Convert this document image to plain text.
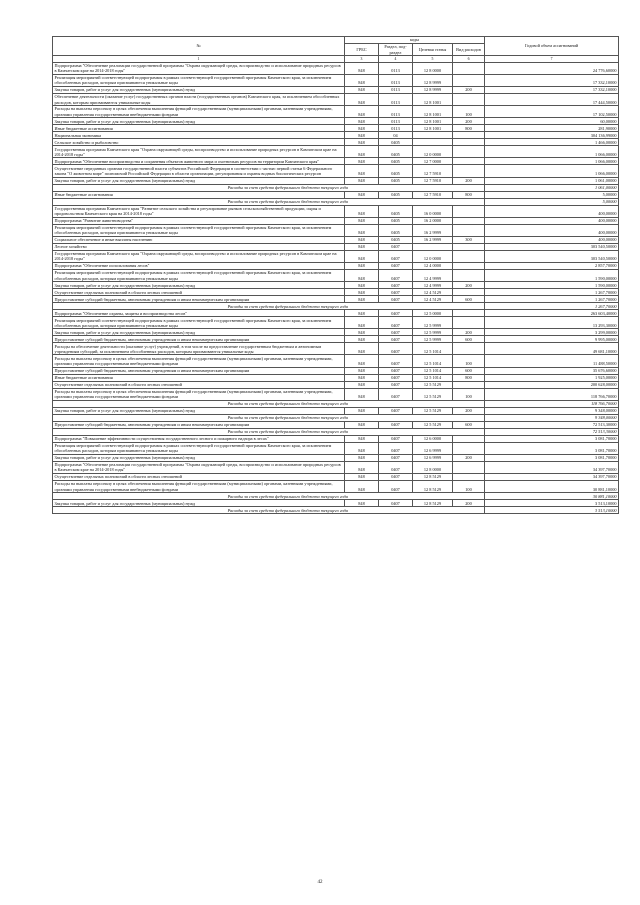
№	коды				Годовой объем ассигнований
	ГРБС	Раздел, под-раздел	Целевая статья	Вид расходов	
1	3	4	5	6	7
Подпрограмма "Обеспечение реализации государственной программы "Охрана окружающей среды, воспроизводство и использование природных ресурсов в Камчатском крае на 2014-2018 годы"	848	0113	12 8 0000		24 776,60000
Реализация мероприятий соответствующей подпрограммы в рамках соответствующей государственной программы Камчатского края, за исключением обособленных расходов, которым присваиваются уникальные коды	848	0113	12 8 9999		17 332,10000
Закупка товаров, работ и услуг для государственных (муниципальных) нужд	848	0113	12 8 9999	200	17 332,10000
Обеспечение деятельности (оказание услуг) государственных органов власти (государственных органов) Камчатского края, за исключением обособленных расходов, которым присваиваются уникальные коды	848	0113	12 8 1001		17 444,50000
Расходы на выплаты персоналу в целях обеспечения выполнения функций государственными (муниципальными) органами, казенными учреждениями, органами управления государственными внебюджетными фондами	848	0113	12 8 1001	100	17 102,50000
Закупка товаров, работ и услуг для государственных (муниципальных) нужд	848	0113	12 8 1001	200	60,00000
Иные бюджетные ассигнования	848	0113	12 8 1001	800	281,90000
Национальная экономика	848	04			304 136,99000
Сельское хозяйство и рыболовство	848	0405			1 466,00000
Государственная программа Камчатского края "Охрана окружающей среды, воспроизводство и использование природных ресурсов в Камчатском крае на 2014-2018 годы"	848	0405	12 0 0000		1 066,00000
Подпрограмма "Обеспечение воспроизводства и сохранения объектов животного мира и охотничьих ресурсов на территории Камчатского края"	848	0405	12 7 0000		1 066,00000
Осуществление переданных органам государственной власти субъектов Российской Федерации в соответствии с частью первой статьи 6 Федерального закона "О животном мире" полномочий Российской Федерации в области организации, регулирования и охраны водных биологических ресурсов	848	0405	12 7 5910		1 066,00000
Закупка товаров, работ и услуг для государственных (муниципальных) нужд	848	0405	12 7 5910	200	1 061,00000
Расходы за счет средств федерального бюджета текущего года					1 061,00000
Иные бюджетные ассигнования	848	0405	12 7 5910	800	5,00000
Расходы за счет средств федерального бюджета текущего года					5,00000
Государственная программа Камчатского края "Развитие сельского хозяйства и регулирование рынков сельскохозяйственной продукции, сырья и продовольствия Камчатского края на 2014-2018 годы"	848	0405	16 0 0000		400,00000
Подпрограмма "Развитие животноводства"	848	0405	16 2 0000		400,00000
Реализация мероприятий соответствующей подпрограммы в рамках соответствующей государственной программы Камчатского края, за исключением обособленных расходов, которым присваиваются уникальные коды	848	0405	16 2 9999		400,00000
Социальное обеспечение и иные выплаты населению	848	0405	16 2 9999	300	400,00000
Лесное хозяйство	848	0407			303 540,50000
Государственная программа Камчатского края "Охрана окружающей среды, воспроизводство и использование природных ресурсов в Камчатском крае на 2014-2018 годы"	848	0407	12 0 0000		303 540,50000
Подпрограмма "Обеспечение использования лесов"	848	0407	12 4 0000		2 857,70000
Реализация мероприятий соответствующей подпрограммы в рамках соответствующей государственной программы Камчатского края, за исключением обособленных расходов, которым присваиваются уникальные коды	848	0407	12 4 9999		1 590,00000
Закупка товаров, работ и услуг для государственных (муниципальных) нужд	848	0407	12 4 9999	200	1 590,00000
Осуществление отдельных полномочий в области лесных отношений	848	0407	12 4 5129		1 267,70000
Предоставление субсидий бюджетным, автономным учреждениям и иным некоммерческим организациям	848	0407	12 4 5129	600	1 267,70000
Расходы за счет средств федерального бюджета текущего года					1 267,70000
Подпрограмма "Обеспечение охраны, защиты и воспроизводства лесов"	848	0407	12 5 0000		263 603,40000
Реализация мероприятий соответствующей подпрограммы в рамках соответствующей государственной программы Камчатского края, за исключением обособленных расходов, которым присваиваются уникальные коды	848	0407	12 5 9999		13 293,30000
Закупка товаров, работ и услуг для государственных (муниципальных) нужд	848	0407	12 5 9999	200	3 299,00000
Предоставление субсидий бюджетным, автономным учреждениям и иным некоммерческим организациям	848	0407	12 5 9999	600	9 995,00000
Расходы на обеспечение деятельности (оказание услуг) учреждений, в том числе на предоставление государственным бюджетным и автономным учреждениям субсидий, за исключением обособленных расходов, которым присваиваются уникальные коды	848	0407	12 5 1014		49 681,10000
Расходы на выплаты персоналу в целях обеспечения выполнения функций государственными (муниципальными) органами, казенными учреждениями, органами управления государственными внебюджетными фондами	848	0407	12 5 1014	100	11 488,50000
Предоставление субсидий бюджетным, автономным учреждениям и иным некоммерческим организациям	848	0407	12 5 1014	600	35 676,60000
Иные бюджетные ассигнования	848	0407	12 5 1014	800	1 925,00000
Осуществление отдельных полномочий в области лесных отношений	848	0407	12 5 5129		200 628,00000
Расходы на выплаты персоналу в целях обеспечения выполнения функций государственными (муниципальными) органами, казенными учреждениями, органами управления государственными внебюджетными фондами	848	0407	12 5 5129	100	118 766,70000
Расходы за счет средств федерального бюджета текущего года					118 766,70000
Закупка товаров, работ и услуг для государственных (муниципальных) нужд	848	0407	12 5 5129	200	9 348,00000
Расходы за счет средств федерального бюджета текущего года					9 348,00000
Предоставление субсидий бюджетным, автономным учреждениям и иным некоммерческим организациям	848	0407	12 5 5129	600	72 513,30000
Расходы за счет средств федерального бюджета текущего года					72 513,30000
Подпрограмма "Повышение эффективности осуществления государственного лесного и пожарного надзора в лесах"	848	0407	12 6 0000		3 081,70000
Реализация мероприятий соответствующей подпрограммы в рамках соответствующей государственной программы Камчатского края, за исключением обособленных расходов, которым присваиваются уникальные коды	848	0407	12 6 9999		3 081,70000
Закупка товаров, работ и услуг для государственных (муниципальных) нужд	848	0407	12 6 9999	200	3 081,70000
Подпрограмма "Обеспечение реализации государственной программы "Охрана окружающей среды, воспроизводство и использование природных ресурсов в Камчатском крае на 2014-2018 годы"	848	0407	12 8 0000		34 397,70000
Осуществление отдельных полномочий в области лесных отношений	848	0407	12 8 5129		34 397,70000
Расходы на выплаты персоналу в целях обеспечения выполнения функций государственными (муниципальными) органами, казенными учреждениями, органами управления государственными внебюджетными фондами	848	0407	12 8 5129	100	30 881,10000
Расходы за счет средств федерального бюджета текущего года					30 881,10000
Закупка товаров, работ и услуг для государственных (муниципальных) нужд	848	0407	12 8 5129	200	3 513,10000
Расходы за счет средств федерального бюджета текущего года					3 513,10000
42
